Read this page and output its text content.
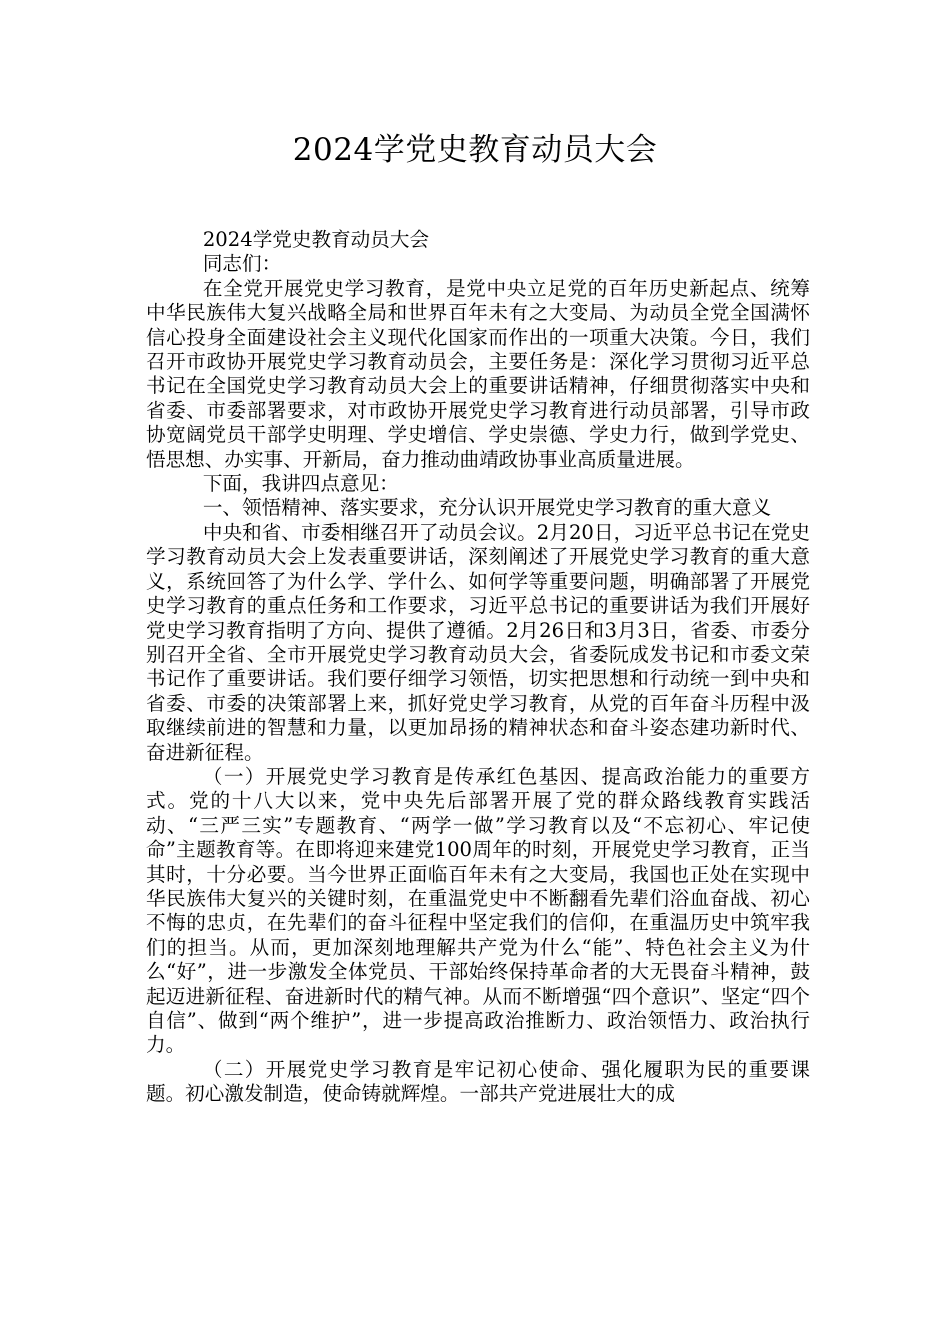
2024学党史教育动员大会

2024学党史教育动员大会

同志们：

在全党开展党史学习教育，是党中央立足党的百年历史新起点、统筹中华民族伟大复兴战略全局和世界百年未有之大变局、为动员全党全国满怀信心投身全面建设社会主义现代化国家而作出的一项重大决策。今日，我们召开市政协开展党史学习教育动员会，主要任务是：深化学习贯彻习近平总书记在全国党史学习教育动员大会上的重要讲话精神，仔细贯彻落实中央和省委、市委部署要求，对市政协开展党史学习教育进行动员部署，引导市政协宽阔党员干部学史明理、学史增信、学史崇德、学史力行，做到学党史、悟思想、办实事、开新局，奋力推动曲靖政协事业高质量进展。

下面，我讲四点意见：

一、领悟精神、落实要求，充分认识开展党史学习教育的重大意义

中央和省、市委相继召开了动员会议。2月20日，习近平总书记在党史学习教育动员大会上发表重要讲话，深刻阐述了开展党史学习教育的重大意义，系统回答了为什么学、学什么、如何学等重要问题，明确部署了开展党史学习教育的重点任务和工作要求，习近平总书记的重要讲话为我们开展好党史学习教育指明了方向、提供了遵循。2月26日和3月3日，省委、市委分别召开全省、全市开展党史学习教育动员大会，省委阮成发书记和市委文荣书记作了重要讲话。我们要仔细学习领悟，切实把思想和行动统一到中央和省委、市委的决策部署上来，抓好党史学习教育，从党的百年奋斗历程中汲取继续前进的智慧和力量，以更加昂扬的精神状态和奋斗姿态建功新时代、奋进新征程。

（一）开展党史学习教育是传承红色基因、提高政治能力的重要方式。党的十八大以来，党中央先后部署开展了党的群众路线教育实践活动、“三严三实”专题教育、“两学一做”学习教育以及“不忘初心、牢记使命”主题教育等。在即将迎来建党100周年的时刻，开展党史学习教育，正当其时，十分必要。当今世界正面临百年未有之大变局，我国也正处在实现中华民族伟大复兴的关键时刻，在重温党史中不断翻看先辈们浴血奋战、初心不悔的忠贞，在先辈们的奋斗征程中坚定我们的信仰，在重温历史中筑牢我们的担当。从而，更加深刻地理解共产党为什么“能”、特色社会主义为什么“好”，进一步激发全体党员、干部始终保持革命者的大无畏奋斗精神，鼓起迈进新征程、奋进新时代的精气神。从而不断增强“四个意识”、坚定“四个自信”、做到“两个维护”，进一步提高政治推断力、政治领悟力、政治执行力。

（二）开展党史学习教育是牢记初心使命、强化履职为民的重要课题。初心激发制造，使命铸就辉煌。一部共产党进展壮大的成
